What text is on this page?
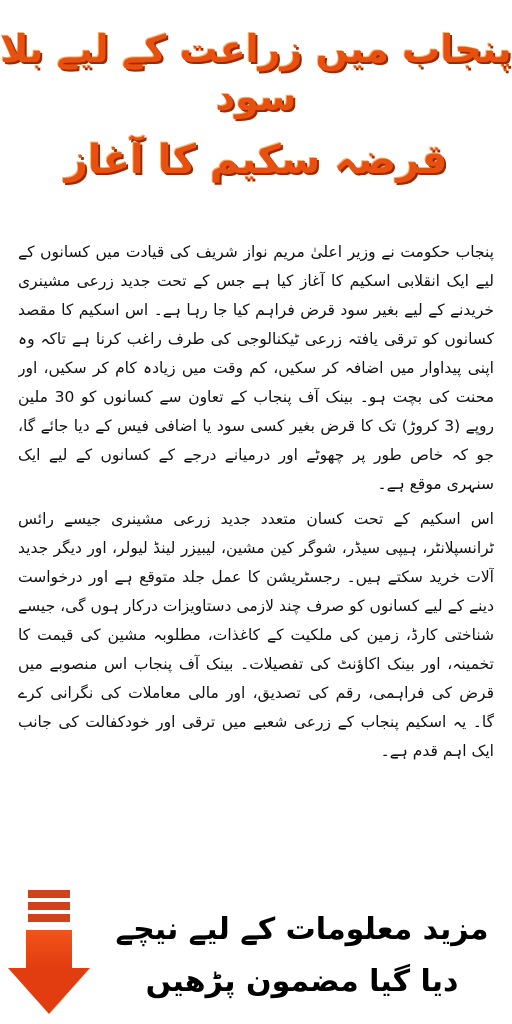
پنجاب میں زراعت کے لیے بلا سود
قرضہ سکیم کا آغاز

پنجاب حکومت نے وزیر اعلیٰ مریم نواز شریف کی قیادت میں کسانوں کے لیے ایک انقلابی اسکیم کا آغاز کیا ہے جس کے تحت جدید زرعی مشینری خریدنے کے لیے بغیر سود قرض فراہم کیا جا رہا ہے۔ اس اسکیم کا مقصد کسانوں کو ترقی یافتہ زرعی ٹیکنالوجی کی طرف راغب کرنا ہے تاکہ وہ اپنی پیداوار میں اضافہ کر سکیں، کم وقت میں زیادہ کام کر سکیں، اور محنت کی بچت ہو۔ بینک آف پنجاب کے تعاون سے کسانوں کو 30 ملین روپے (3 کروڑ) تک کا قرض بغیر کسی سود یا اضافی فیس کے دیا جائے گا، جو کہ خاص طور پر چھوٹے اور درمیانے درجے کے کسانوں کے لیے ایک سنہری موقع ہے۔

اس اسکیم کے تحت کسان متعدد جدید زرعی مشینری جیسے رائس ٹرانسپلانٹر، ہیپی سیڈر، شوگر کین مشین، لیبیزر لینڈ لیولر، اور دیگر جدید آلات خرید سکتے ہیں۔ رجسٹریشن کا عمل جلد متوقع ہے اور درخواست دینے کے لیے کسانوں کو صرف چند لازمی دستاویزات درکار ہوں گی، جیسے شناختی کارڈ، زمین کی ملکیت کے کاغذات، مطلوبہ مشین کی قیمت کا تخمینہ، اور بینک اکاؤنٹ کی تفصیلات۔ بینک آف پنجاب اس منصوبے میں قرض کی فراہمی، رقم کی تصدیق، اور مالی معاملات کی نگرانی کرے گا۔ یہ اسکیم پنجاب کے زرعی شعبے میں ترقی اور خودکفالت کی جانب ایک اہم قدم ہے۔

مزید معلومات کے لیے نیچے
دیا گیا مضمون پڑھیں
